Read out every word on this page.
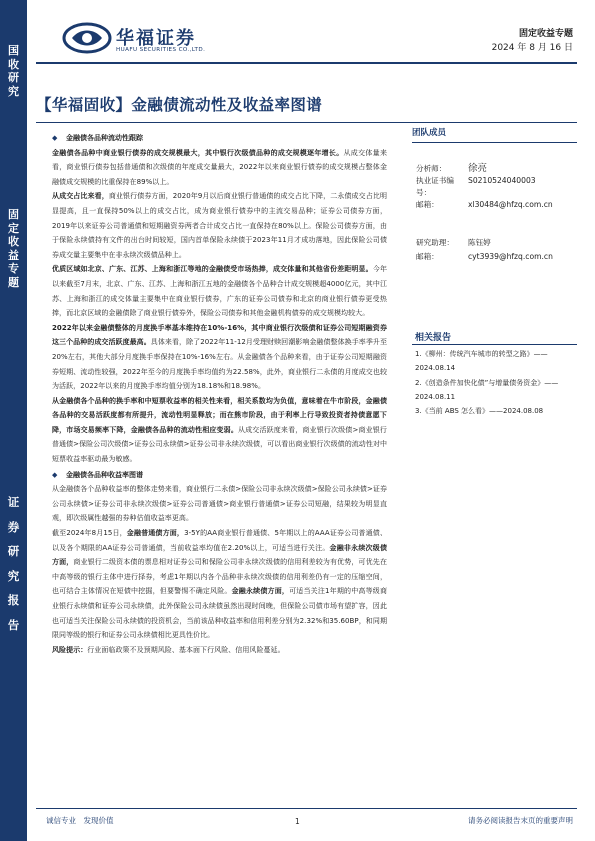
国
收
研
究
固
定
收
益
专
题
证
券
研
究
报
告
华福证券
HUAFU SECURITIES CO.,LTD.
固定收益专题
2024 年 8 月 16 日
【华福固收】金融债流动性及收益率图谱
◆ 金融债各品种流动性跟踪

金融债各品种中商业银行债券的成交规模最大，其中银行次级债品种的成交规模逐年增长。从成交体量来看，商业银行债券包括普通债和次级债的年度成交量最大，2022年以来商业银行债券的成交规模占整体金融债成交规模的比重保持在89%以上。

从成交占比来看，商业银行债券方面，2020年9月以后商业银行普通债的成交占比下降，二永债成交占比明显提高，且一直保持50%以上的成交占比，成为商业银行债券中的主流交易品种；证券公司债券方面，2019年以来证券公司普通债和短期融资券两者合计成交占比一直保持在80%以上。保险公司债券方面，由于保险永续债持有文件的出台时间较短，国内首单保险永续债于2023年11月才成功落地，因此保险公司债券成交量主要集中在非永续次级债品种上。

优质区域如北京、广东、江苏、上海和浙江等地的金融债受市场热捧，成交体量和其他省份差距明显。今年以来截至7月末，北京、广东、江苏、上海和浙江五地的金融债各个品种合计成交规模超4000亿元，其中江苏、上海和浙江的成交体量主要集中在商业银行债券，广东的证券公司债券和北京的商业银行债券更受热捧，而北京区域的金融债除了商业银行债券外，保险公司债券和其他金融机构债券的成交规模均较大。

2022年以来金融债整体的月度换手率基本维持在10%-16%，其中商业银行次级债和证券公司短期融资券这三个品种的成交活跃度最高。具体来看，除了2022年11-12月受理财赎回潮影响金融债整体换手率季升至20%左右，其他大部分月度换手率保持在10%-16%左右。从金融债各个品种来看，由于证券公司短期融资券短期、流动性较强，2022年至今的月度换手率均值约为22.58%，此外，商业银行二永债的月度成交也较为活跃，2022年以来的月度换手率均值分别为18.18%和18.98%。

从金融债各个品种的换手率和中短票收益率的相关性来看，相关系数均为负值，意味着在牛市阶段，金融债各品种的交易活跃度都有所提升，流动性明显释放；而在熊市阶段，由于利率上行导致投资者持债意愿下降，市场交易频率下降，金融债各品种的流动性相应变弱。从成交活跃度来看，商业银行次级债>商业银行普通债>保险公司次级债>证券公司永续债>证券公司非永续次级债，可以看出商业银行次级债的流动性对中短票收益率驱动最为敏感。

◆ 金融债各品种收益率图谱

从金融债各个品种收益率的整体走势来看，商业银行二永债>保险公司非永续次级债>保险公司永续债>证券公司永续债>证券公司非永续次级债>证券公司普通债>商业银行普通债>证券公司短融，结果较为明显直观，即次级属性越强的券种估值收益率更高。

截至2024年8月15日，金融普通债方面，3-5Y的AA商业银行普通债、5年期以上的AAA证券公司普通债、以及各个期限的AA证券公司普通债，当前收益率均值在2.20%以上，可适当进行关注。金融非永续次级债方面，商业银行二级资本债的票息相对证券公司和保险公司非永续次级债的信用利差较为有优势，可优先在中高等级的银行主体中进行择券，考虑1年期以内各个品种非永续次级债的信用利差仍有一定的压缩空间，也可结合主体情况在短债中挖掘，但要警惕不确定风险。金融永续债方面，可适当关注1年期的中高等级商业银行永续债和证券公司永续债，此外保险公司永续债虽然出现时间晚，但保险公司债市场有望扩容，因此也可适当关注保险公司永续债的投资机会，当前该品种收益率和信用利差分别为2.32%和35.60BP，和同期限同等级的银行和证券公司永续债相比更具性价比。

风险提示：行业面临政策不及预期风险、基本面下行风险、信用风险蔓延。

团队成员
分析师：	徐亮
执业证书编号：
S0210524040003
邮箱：	xl30484@hfzq.com.cn
研究助理：	陈钰婷
邮箱：	cyt3939@hfzq.com.cn
相关报告
1.《柳州：传统汽车城市的转型之路》——2024.08.14
2.《创造条件加快化债”与增量债务资金》——2024.08.11
3.《当前 ABS 怎么看》——2024.08.08
诚信专业　发现价值	1	请务必阅读报告末页的重要声明
